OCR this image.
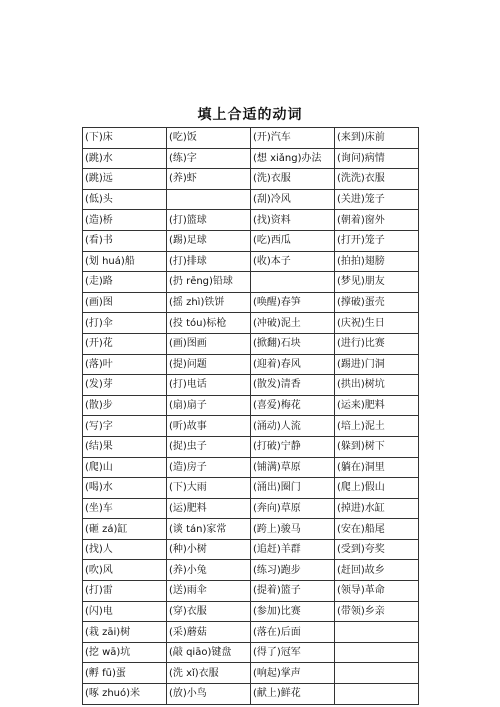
填上合适的动词
(下)床	(吃)饭	(开)汽车	(来到)床前
(跳)水	(练)字	(想 xiǎng)办法	(询问)病情
(跳)远	(养)虾	(洗)衣服	(洗洗)衣服
(低)头		(刮)冷风	(关进)笼子
(造)桥	(打)篮球	(找)资料	(朝着)窗外
(看)书	(踢)足球	(吃)西瓜	(打开)笼子
(划 huá)船	(打)排球	(收)本子	(拍拍)翅膀
(走)路	(扔 rēng)铅球		(梦见)朋友
(画)图	(摇 zhì)铁饼	(唤醒)春笋	(撑破)蛋壳
(打)伞	(投 tóu)标枪	(冲破)泥土	(庆祝)生日
(开)花	(画)图画	(掀翻)石块	(进行)比赛
(落)叶	(提)问题	(迎着)春风	(踢进)门洞
(发)芽	(打)电话	(散发)清香	(拱出)树坑
(散)步	(扇)扇子	(喜爱)梅花	(运来)肥料
(写)字	(听)故事	(涌动)人流	(培上)泥土
(结)果	(捉)虫子	(打破)宁静	(躲到)树下
(爬)山	(造)房子	(铺满)草原	(躺在)洞里
(喝)水	(下)大雨	(涌出)圈门	(爬上)假山
(坐)车	(运)肥料	(奔向)草原	(掉进)水缸
(砸 zá)缸	(谈 tán)家常	(跨上)骏马	(安在)船尾
(找)人	(种)小树	(追赶)羊群	(受到)夸奖
(吹)风	(养)小兔	(练习)跑步	(赶回)故乡
(打)雷	(送)雨伞	(提着)篮子	(领导)革命
(闪)电	(穿)衣服	(参加)比赛	(带领)乡亲
(栽 zāi)树	(采)蘑菇	(落在)后面	
(挖 wā)坑	(敲 qiāo)键盘	(得了)冠军	
(孵 fū)蛋	(洗 xǐ)衣服	(响起)掌声	
(啄 zhuó)米	(放)小鸟	(献上)鲜花	
